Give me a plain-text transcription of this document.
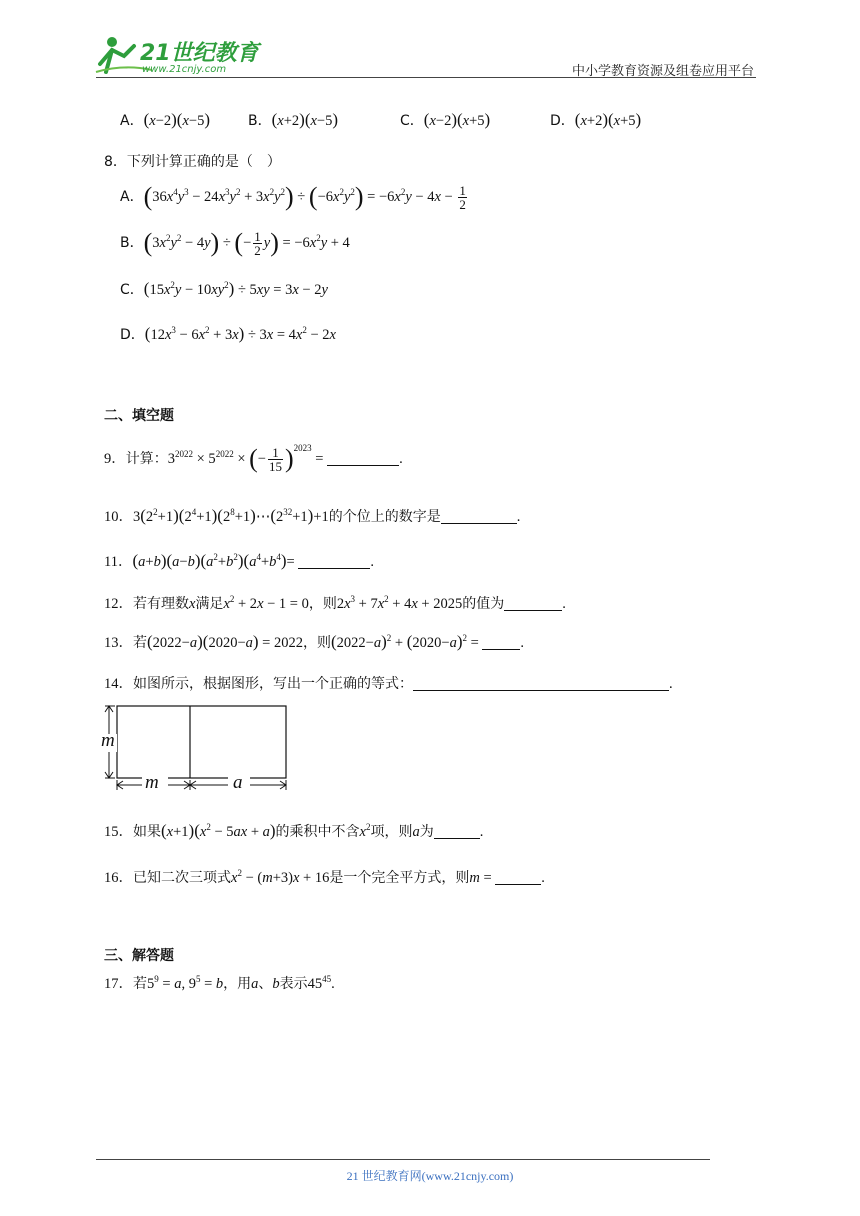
21世纪教育
www.21cnjy.com	中小学教育资源及组卷应用平台
A．(x−2)(x−5)	B．(x+2)(x−5)	C．(x−2)(x+5)	D．(x+2)(x+5)
8．下列计算正确的是（　）
A．$(36x^4y^3 - 24x^3y^2 + 3x^2y^2) \div (-6x^2y^2) = -6x^2y - 4x - \frac{1}{2}$
B．$(3x^2y^2 - 4y)$ ÷ (− $\frac{1}{2} y) = -6x^2y + 4$
C．$(15x^2y - 10xy^2) \div 5xy = 3x - 2y$
D．$(12x^3 - 6x^2 + 3x) \div 3x = 4x^2 - 2x$
二、填空题
9．计算：$3^{2022} \times 5^{2022}$ × (− $\frac{1}{15} )^{2023}$ =	.
10．$3(2^2+1)(2^4+1)(2^8+1)\cdots(2^{32}+1)+1$的个位上的数字是	.
11．$(a+b)(a-b)(a^2+b^2)(a^4+b^4)=$	.
12．若有理数x满足$x^2 + 2x - 1 = 0$，则$2x^3 + 7x^2 + 4x + 2025$的值为	.
13．若(2022−a)(2020−a) = 2022，则$(2022-a)^2 + (2020-a)^2$ =	.
14．如图所示，根据图形，写出一个正确的等式：	.
m
m	a
15．如果$(x+1)(x^2 - 5ax + a)$的乘积中不含$x^2$项，则a为	.
16．已知二次三项式$x^2 - (m+3)x + 16$是一个完全平方式，则m =	.
三、解答题
17．若$5^9 = a$, $9^5 = b$，用a、b表示$45^{45}$.
21 世纪教育网(www.21cnjy.com)
